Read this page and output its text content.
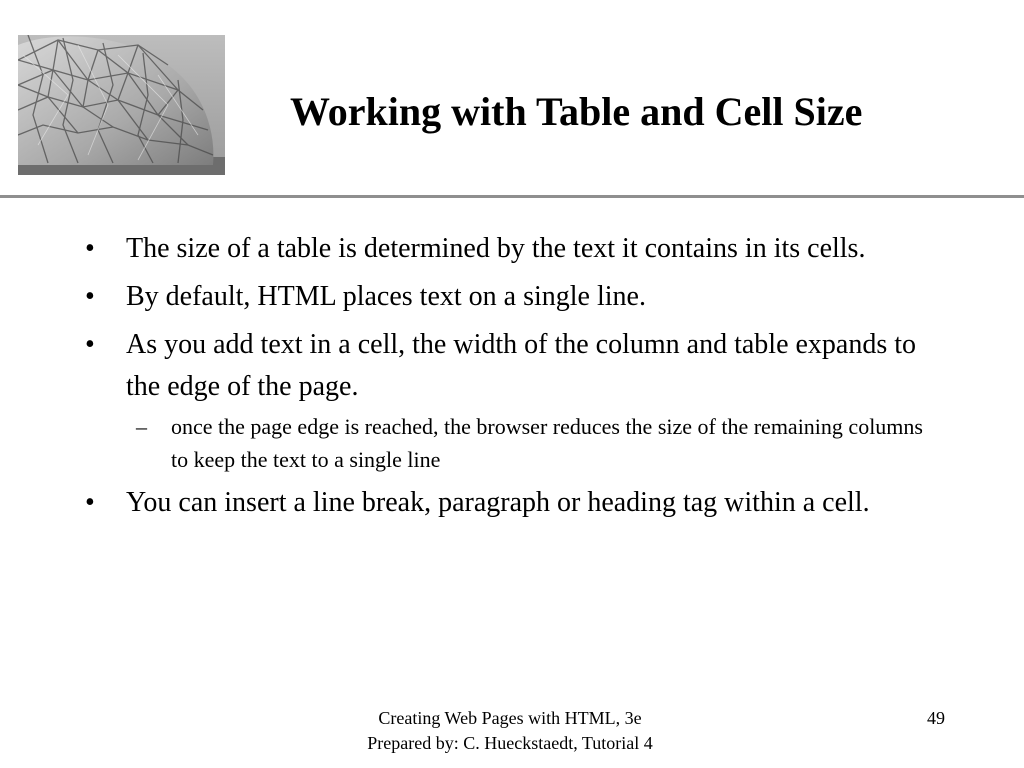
Working with Table and Cell Size
• The size of a table is determined by the text it contains in its cells.
• By default, HTML places text on a single line.
• As you add text in a cell, the width of the column and table expands to the edge of the page.
– once the page edge is reached, the browser reduces the size of the remaining columns to keep the text to a single line
• You can insert a line break, paragraph or heading tag within a cell.
Creating Web Pages with HTML, 3e
Prepared by: C. Hueckstaedt, Tutorial 4
49
